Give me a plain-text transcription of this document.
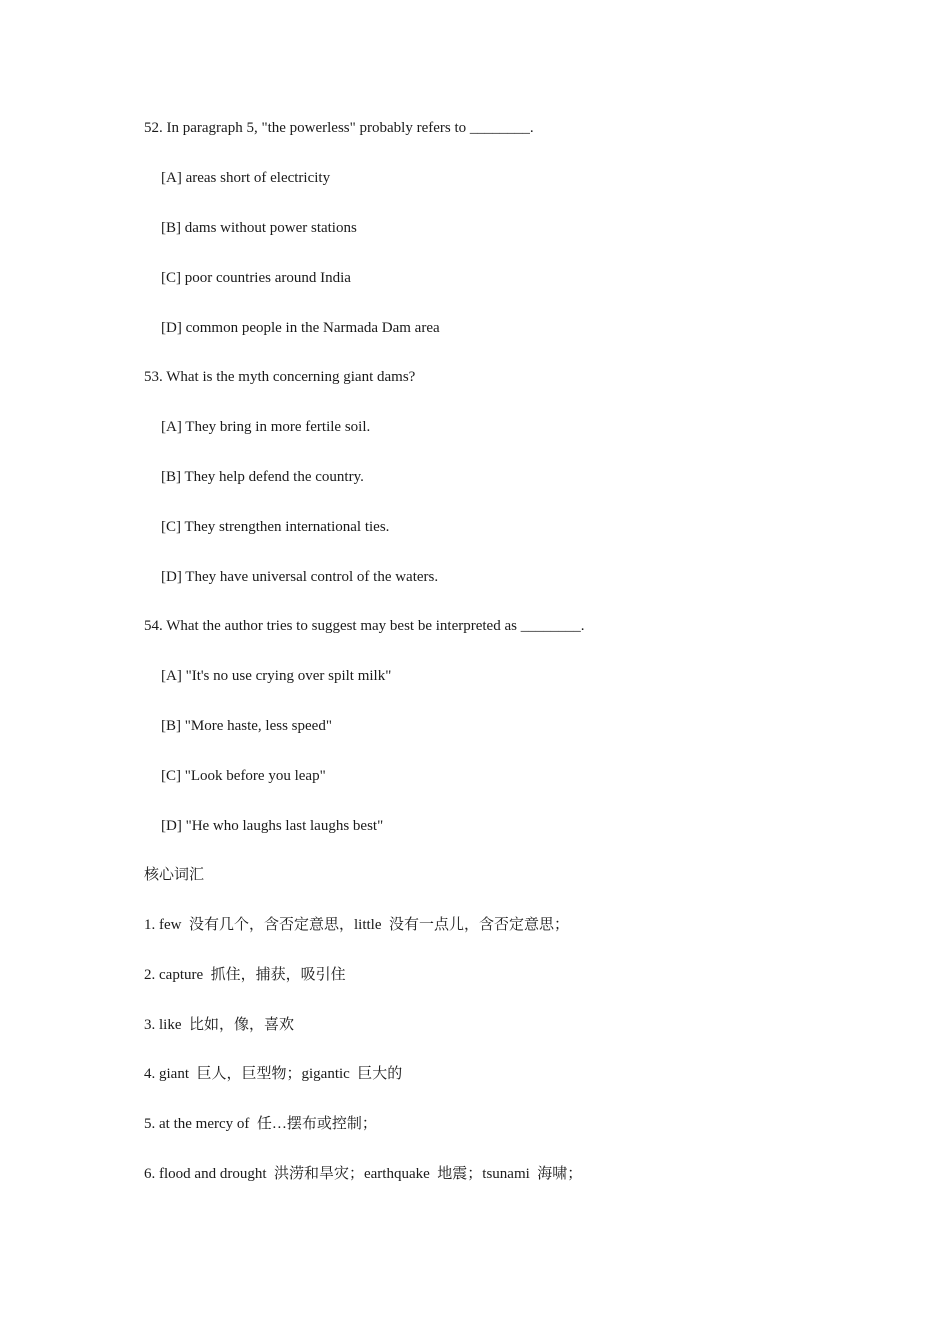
52. In paragraph 5, "the powerless" probably refers to ________.
[A] areas short of electricity
[B] dams without power stations
[C] poor countries around India
[D] common people in the Narmada Dam area
53. What is the myth concerning giant dams?
[A] They bring in more fertile soil.
[B] They help defend the country.
[C] They strengthen international ties.
[D] They have universal control of the waters.
54. What the author tries to suggest may best be interpreted as ________.
[A] "It's no use crying over spilt milk"
[B] "More haste, less speed"
[C] "Look before you leap"
[D] "He who laughs last laughs best"
核心词汇
1. few  没有几个，含否定意思，little  没有一点儿，含否定意思；
2. capture  抓住，捕获，吸引住
3. like  比如，像，喜欢
4. giant  巨人，巨型物；gigantic  巨大的
5. at the mercy of  任…摆布或控制；
6. flood and drought  洪涝和旱灾；earthquake  地震；tsunami  海啸；
